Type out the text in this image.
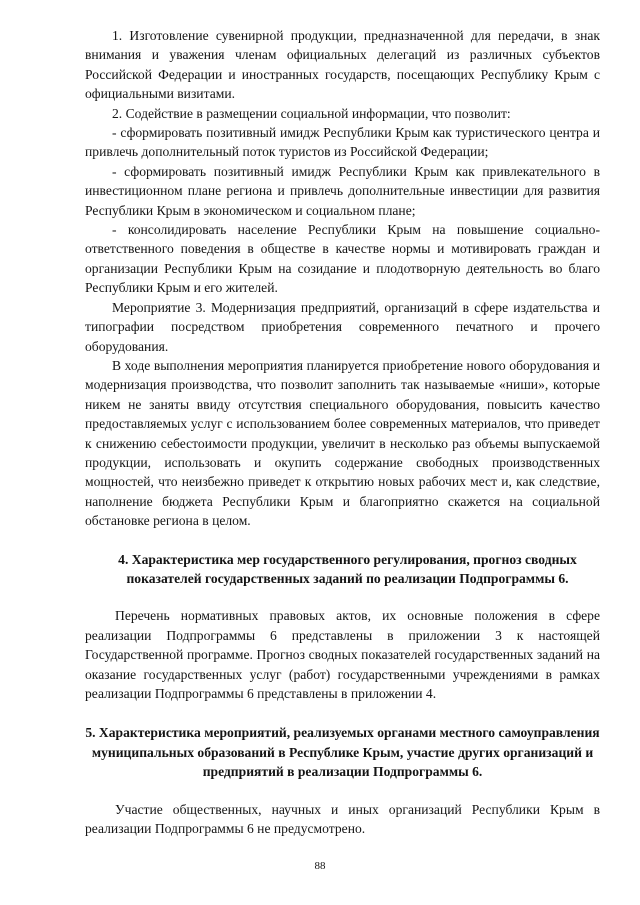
1. Изготовление сувенирной продукции, предназначенной для передачи, в знак внимания и уважения членам официальных делегаций из различных субъектов Российской Федерации и иностранных государств, посещающих Республику Крым с официальными визитами.

2. Содействие в размещении социальной информации, что позволит:

- сформировать позитивный имидж Республики Крым как туристического центра и привлечь дополнительный поток туристов из Российской Федерации;

- сформировать позитивный имидж Республики Крым как привлекательного в инвестиционном плане региона и привлечь дополнительные инвестиции для развития Республики Крым в экономическом и социальном плане;

- консолидировать население Республики Крым на повышение социально-ответственного поведения в обществе в качестве нормы и мотивировать граждан и организации Республики Крым на созидание и плодотворную деятельность во благо Республики Крым и его жителей.

Мероприятие 3. Модернизация предприятий, организаций в сфере издательства и типографии посредством приобретения современного печатного и прочего оборудования.

В ходе выполнения мероприятия планируется приобретение нового оборудования и модернизация производства, что позволит заполнить так называемые «ниши», которые никем не заняты ввиду отсутствия специального оборудования, повысить качество предоставляемых услуг с использованием более современных материалов, что приведет к снижению себестоимости продукции, увеличит в несколько раз объемы выпускаемой продукции, использовать и окупить содержание свободных производственных мощностей, что неизбежно приведет к открытию новых рабочих мест и, как следствие, наполнение бюджета Республики Крым и благоприятно скажется на социальной обстановке региона в целом.

4. Характеристика мер государственного регулирования, прогноз сводных показателей государственных заданий по реализации Подпрограммы 6.

Перечень нормативных правовых актов, их основные положения в сфере реализации Подпрограммы 6 представлены в приложении 3 к настоящей Государственной программе. Прогноз сводных показателей государственных заданий на оказание государственных услуг (работ) государственными учреждениями в рамках реализации Подпрограммы 6 представлены в приложении 4.

5. Характеристика мероприятий, реализуемых органами местного самоуправления муниципальных образований в Республике Крым, участие других организаций и предприятий в реализации Подпрограммы 6.

Участие общественных, научных и иных организаций Республики Крым в реализации Подпрограммы 6 не предусмотрено.

88
